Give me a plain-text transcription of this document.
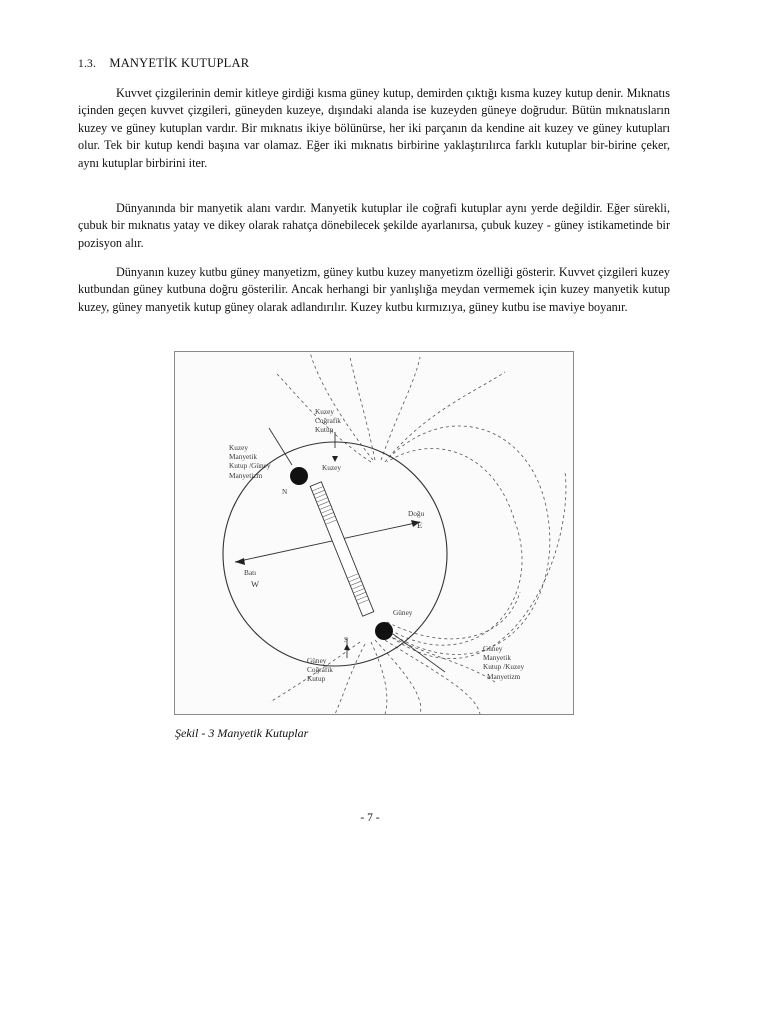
1.3. MANYETİK KUTUPLAR

Kuvvet çizgilerinin demir kitleye girdiği kısma güney kutup, demirden çıktığı kısma kuzey kutup denir. Mıknatıs içinden geçen kuvvet çizgileri, güneyden kuzeye, dışındaki alanda ise kuzeyden güneye doğrudur. Bütün mıknatısların kuzey ve güney kutuplan vardır. Bir mıknatıs ikiye bölünürse, her iki parçanın da kendine ait kuzey ve güney kutupları olur. Tek bir kutup kendi başına var olamaz. Eğer iki mıknatıs birbirine yaklaştırılırca farklı kutuplar bir-birine çeker, aynı kutuplar birbirini iter.

Dünyanında bir manyetik alanı vardır. Manyetik kutuplar ile coğrafi kutuplar aynı yerde değildir. Eğer sürekli, çubuk bir mıknatıs yatay ve dikey olarak rahatça dönebilecek şekilde ayarlanırsa, çubuk kuzey - güney istikametinde bir pozisyon alır.

Dünyanın kuzey kutbu güney manyetizm, güney kutbu kuzey manyetizm özelliği gösterir. Kuvvet çizgileri kuzey kutbundan güney kutbuna doğru gösterilir. Ancak herhangi bir yanlışlığa meydan vermemek için kuzey manyetik kutup kuzey, güney manyetik kutup güney olarak adlandırılır. Kuzey kutbu kırmızıya, güney kutbu ise maviye boyanır.

Kuzey
Coğrafik
Kutup
Kuzey
Manyetik
Kutup /Güney
Manyetizm
Kuzey
N
Doğu
E
Batı
W
Güney
S
Güney
Coğrafik
Kutup
Güney
Manyetik
Kutup /Kuzey
Manyetizm
Şekil - 3 Manyetik Kutuplar
- 7 -
